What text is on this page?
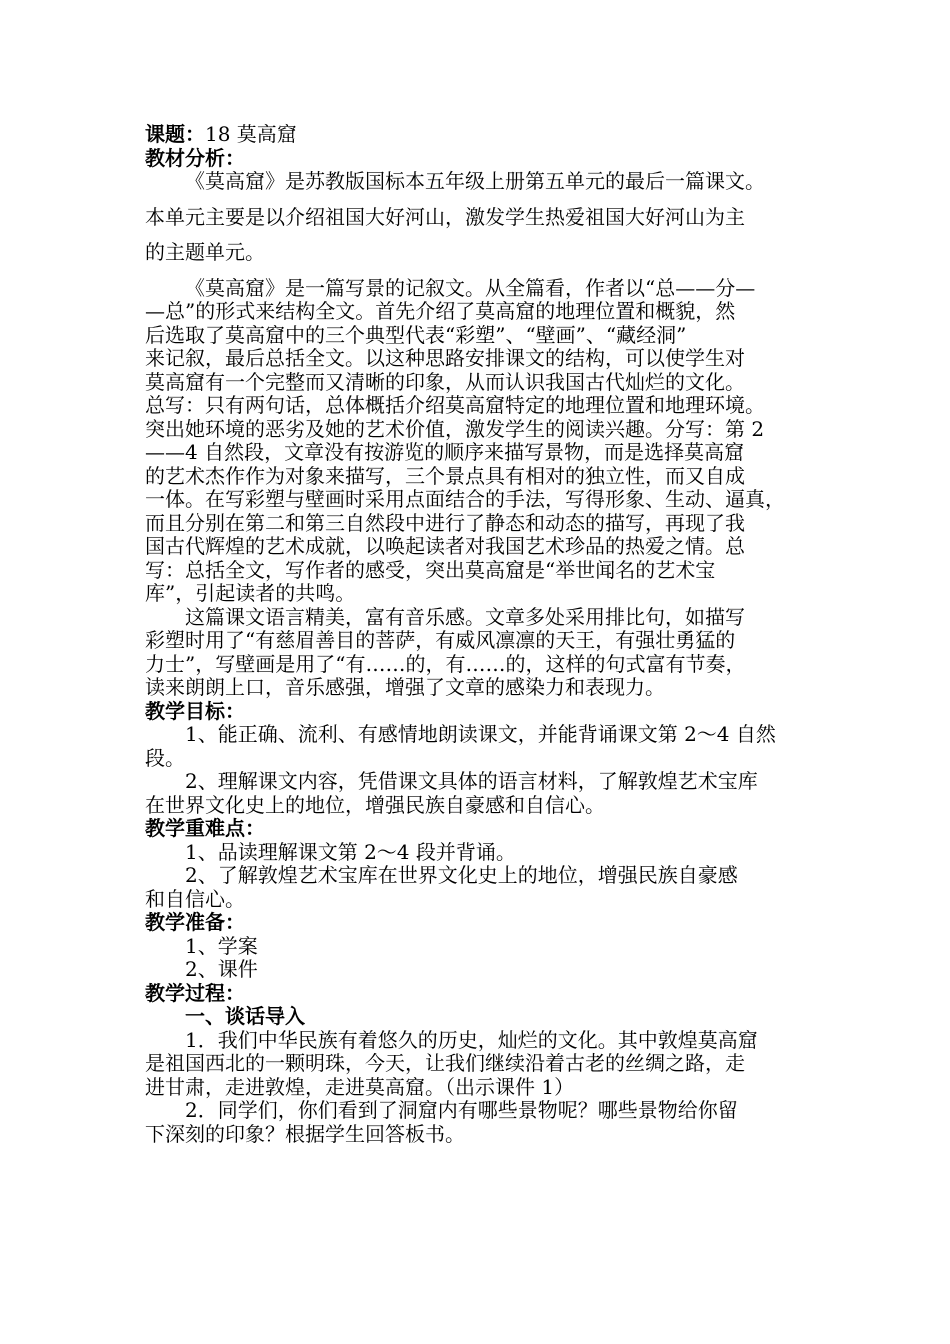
课题：18 莫高窟
教材分析：
《莫高窟》是苏教版国标本五年级上册第五单元的最后一篇课文。
本单元主要是以介绍祖国大好河山，激发学生热爱祖国大好河山为主
的主题单元。
《莫高窟》是一篇写景的记叙文。从全篇看，作者以“总——分—
—总”的形式来结构全文。首先介绍了莫高窟的地理位置和概貌，然
后选取了莫高窟中的三个典型代表“彩塑”、“壁画”、“藏经洞”
来记叙，最后总括全文。以这种思路安排课文的结构，可以使学生对
莫高窟有一个完整而又清晰的印象，从而认识我国古代灿烂的文化。
总写：只有两句话，总体概括介绍莫高窟特定的地理位置和地理环境。
突出她环境的恶劣及她的艺术价值，激发学生的阅读兴趣。分写：第 2
——4 自然段，文章没有按游览的顺序来描写景物，而是选择莫高窟
的艺术杰作作为对象来描写，三个景点具有相对的独立性，而又自成
一体。在写彩塑与壁画时采用点面结合的手法，写得形象、生动、逼真，
而且分别在第二和第三自然段中进行了静态和动态的描写，再现了我
国古代辉煌的艺术成就，以唤起读者对我国艺术珍品的热爱之情。总
写：总括全文，写作者的感受，突出莫高窟是“举世闻名的艺术宝
库”，引起读者的共鸣。
这篇课文语言精美，富有音乐感。文章多处采用排比句，如描写
彩塑时用了“有慈眉善目的菩萨，有威风凛凛的天王，有强壮勇猛的
力士”，写壁画是用了“有……的，有……的，这样的句式富有节奏，
读来朗朗上口，音乐感强，增强了文章的感染力和表现力。
教学目标：
1、能正确、流利、有感情地朗读课文，并能背诵课文第 2～4 自然
段。
2、理解课文内容，凭借课文具体的语言材料，了解敦煌艺术宝库
在世界文化史上的地位，增强民族自豪感和自信心。
教学重难点：
1、品读理解课文第 2～4 段并背诵。
2、了解敦煌艺术宝库在世界文化史上的地位，增强民族自豪感
和自信心。
教学准备：
1、学案
2、课件
教学过程：
一、谈话导入
1．我们中华民族有着悠久的历史，灿烂的文化。其中敦煌莫高窟
是祖国西北的一颗明珠，今天，让我们继续沿着古老的丝绸之路，走
进甘肃，走进敦煌，走进莫高窟。（出示课件 1）
2．同学们，你们看到了洞窟内有哪些景物呢？哪些景物给你留
下深刻的印象？根据学生回答板书。
